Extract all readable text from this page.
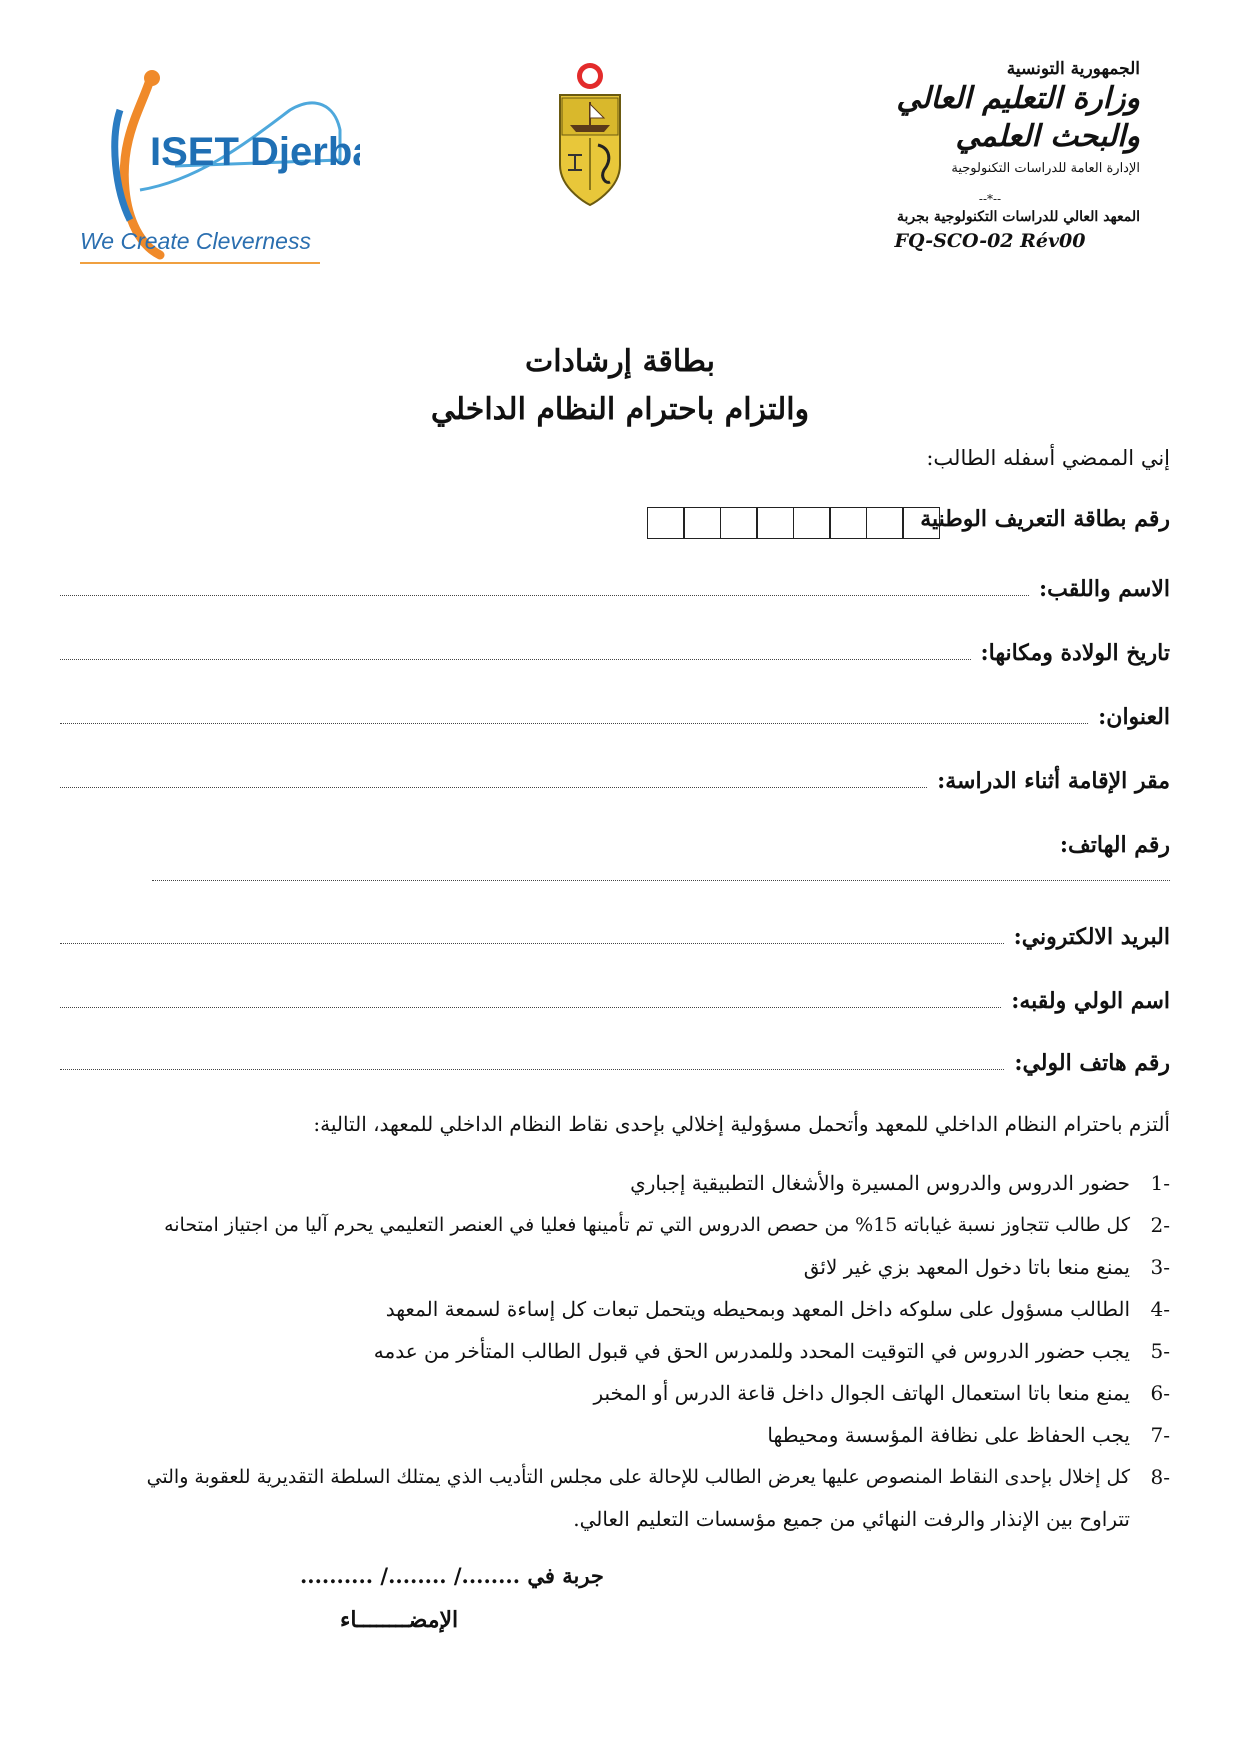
ISET Djerba
We Create Cleverness
الجمهورية التونسية
وزارة التعليم العالي
والبحث العلمي
الإدارة العامة للدراسات التكنولوجية
--*--
المعهد العالي للدراسات التكنولوجية بجربة
FQ-SCO-02 Rév00
بطاقة إرشادات
والتزام باحترام النظام الداخلي
إني الممضي أسفله الطالب:
رقم بطاقة التعريف الوطنية
الاسم واللقب:
تاريخ الولادة ومكانها:
العنوان:
مقر الإقامة أثناء الدراسة:
رقم الهاتف:
البريد الالكتروني:
اسم الولي ولقبه:
رقم هاتف الولي:
ألتزم باحترام النظام الداخلي للمعهد وأتحمل مسؤولية إخلالي بإحدى نقاط النظام الداخلي للمعهد، التالية:
-1
حضور الدروس والدروس المسيرة والأشغال التطبيقية إجباري
-2
كل طالب تتجاوز نسبة غياباته 15% من حصص الدروس التي تم تأمينها فعليا في العنصر التعليمي يحرم آليا من اجتياز امتحانه
-3
يمنع منعا باتا دخول المعهد بزي غير لائق
-4
الطالب مسؤول على سلوكه داخل المعهد وبمحيطه ويتحمل تبعات كل إساءة لسمعة المعهد
-5
يجب حضور الدروس في التوقيت المحدد وللمدرس الحق في قبول الطالب المتأخر من عدمه
-6
يمنع منعا باتا استعمال الهاتف الجوال داخل قاعة الدرس أو المخبر
-7
يجب الحفاظ على نظافة المؤسسة ومحيطها
-8
كل إخلال بإحدى النقاط المنصوص عليها يعرض الطالب للإحالة على مجلس التأديب الذي يمتلك السلطة التقديرية للعقوبة والتي
تتراوح بين الإنذار والرفت النهائي من جميع مؤسسات التعليم العالي.
جربة في ......../ ......../ ..........
الإمضــــــــاء
